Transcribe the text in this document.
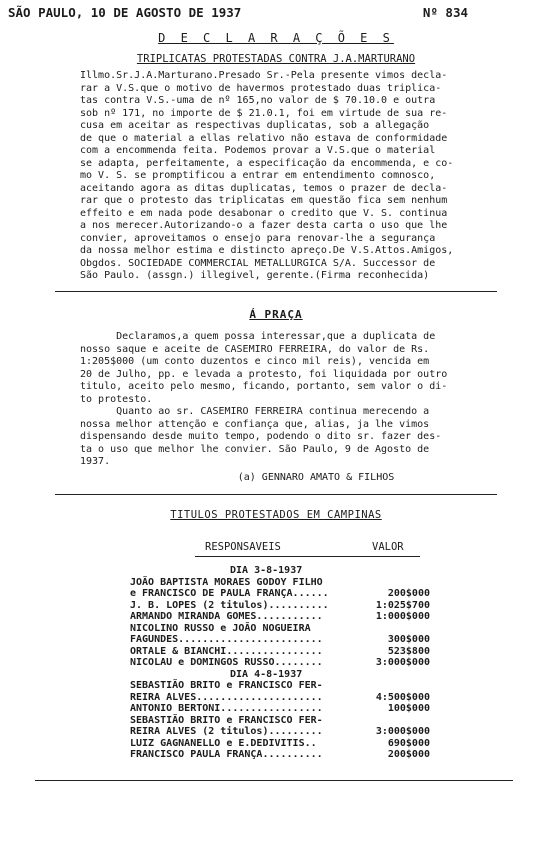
SÃO PAULO, 10 DE AGOSTO DE 1937	Nº 834
D E C L A R A Ç Õ E S
TRIPLICATAS PROTESTADAS CONTRA J.A.MARTURANO
Illmo.Sr.J.A.Marturano.Presado Sr.-Pela presente vimos decla-
rar a V.S.que o motivo de havermos protestado duas triplica-
tas contra V.S.-uma de nº 165,no valor de $ 70.10.0 e outra
sob nº 171, no importe de $ 21.0.1, foi em virtude de sua re-
cusa em aceitar as respectivas duplicatas, sob a allegação
de que o material a ellas relativo não estava de conformidade
com a encommenda feita. Podemos provar a V.S.que o material
se adapta, perfeitamente, a especificação da encommenda, e co-
mo V. S. se promptificou a entrar em entendimento comnosco,
aceitando agora as ditas duplicatas, temos o prazer de decla-
rar que o protesto das triplicatas em questão fica sem nenhum
effeito e em nada pode desabonar o credito que V. S. continua
a nos merecer.Autorizando-o a fazer desta carta o uso que lhe
convier, aproveitamos o ensejo para renovar-lhe a segurança
da nossa melhor estima e distincto apreço.De V.S.Attos.Amigos,
Obgdos. SOCIEDADE COMMERCIAL METALLURGICA S/A. Successor de
São Paulo. (assgn.) illegivel, gerente.(Firma reconhecida)
Á PRAÇA
Declaramos,a quem possa interessar,que a duplicata de
nosso saque e aceite de CASEMIRO FERREIRA, do valor de Rs.
1:205$000 (um conto duzentos e cinco mil reis), vencida em
20 de Julho, pp. e levada a protesto, foi liquidada por outro
titulo, aceito pelo mesmo, ficando, portanto, sem valor o di-
to protesto.
Quanto ao sr. CASEMIRO FERREIRA continua merecendo a
nossa melhor attenção e confiança que, alias, ja lhe vimos
dispensando desde muito tempo, podendo o dito sr. fazer des-
ta o uso que melhor lhe convier. São Paulo, 9 de Agosto de
1937.
(a) GENNARO AMATO & FILHOS
TITULOS PROTESTADOS EM CAMPINAS
RESPONSAVEIS	VALOR
DIA 3-8-1937
JOÃO BAPTISTA MORAES GODOY FILHO
e FRANCISCO DE PAULA FRANÇA......	200$000
J. B. LOPES (2 titulos)..........	1:025$700
ARMANDO MIRANDA GOMES...........	1:000$000
NICOLINO RUSSO e JOÃO NOGUEIRA
FAGUNDES........................	300$000
ORTALE & BIANCHI................	523$800
NICOLAU e DOMINGOS RUSSO........	3:000$000
DIA 4-8-1937
SEBASTIÃO BRITO e FRANCISCO FER-
REIRA ALVES.....................	4:500$000
ANTONIO BERTONI.................	100$000
SEBASTIÃO BRITO e FRANCISCO FER-
REIRA ALVES (2 titulos).........	3:000$000
LUIZ GAGNANELLO e E.DEDIVITIS..	690$000
FRANCISCO PAULA FRANÇA..........	200$000
